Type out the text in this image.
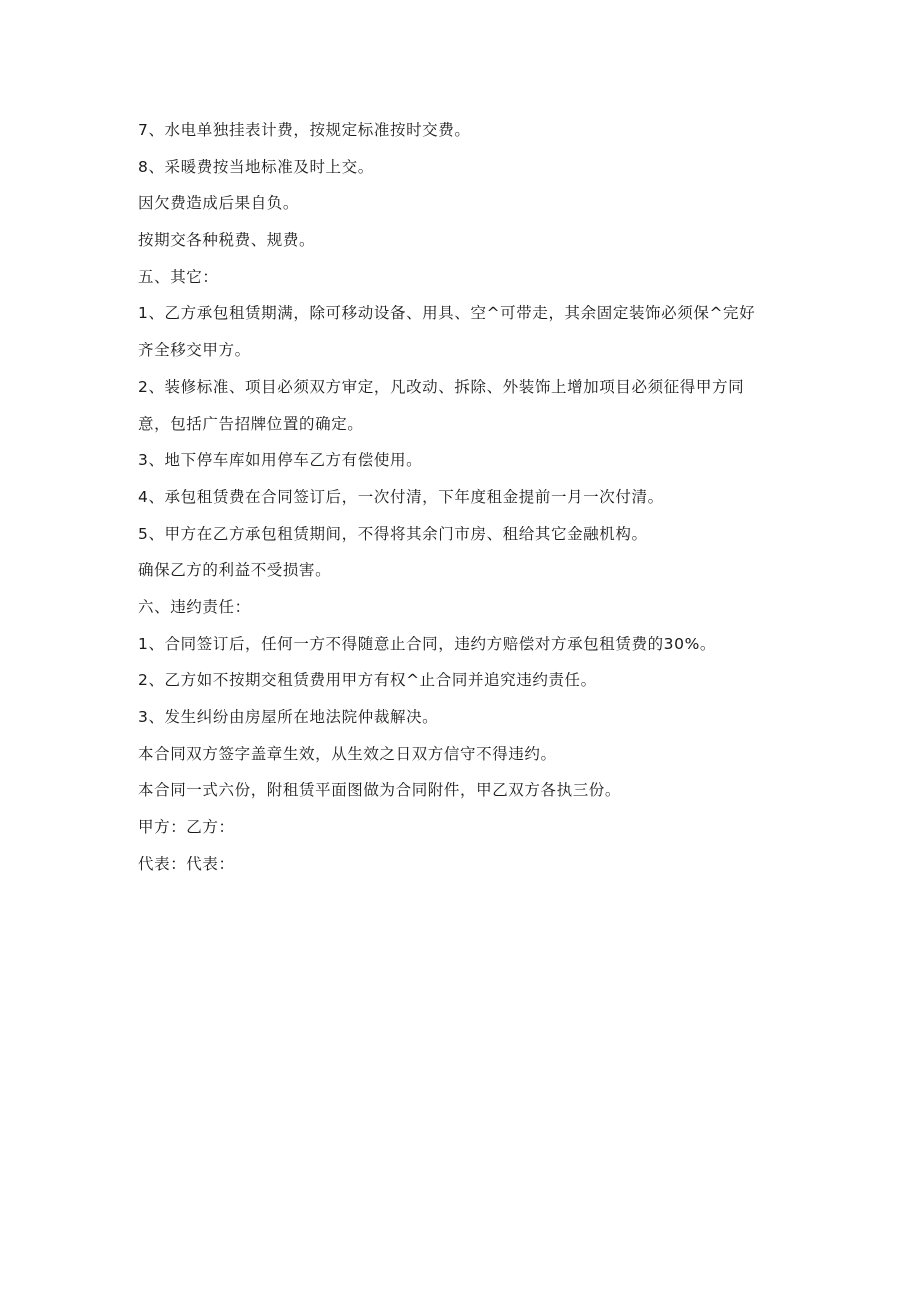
7、水电单独挂表计费，按规定标准按时交费。
8、采暖费按当地标准及时上交。
因欠费造成后果自负。
按期交各种税费、规费。
五、其它：
1、乙方承包租赁期满，除可移动设备、用具、空^可带走，其余固定装饰必须保^完好
齐全移交甲方。
2、装修标准、项目必须双方审定，凡改动、拆除、外装饰上增加项目必须征得甲方同
意，包括广告招牌位置的确定。
3、地下停车库如用停车乙方有偿使用。
4、承包租赁费在合同签订后，一次付清，下年度租金提前一月一次付清。
5、甲方在乙方承包租赁期间，不得将其余门市房、租给其它金融机构。
确保乙方的利益不受损害。
六、违约责任：
1、合同签订后，任何一方不得随意止合同，违约方赔偿对方承包租赁费的30%。
2、乙方如不按期交租赁费用甲方有权^止合同并追究违约责任。
3、发生纠纷由房屋所在地法院仲裁解决。
本合同双方签字盖章生效，从生效之日双方信守不得违约。
本合同一式六份，附租赁平面图做为合同附件，甲乙双方各执三份。
甲方：乙方：
代表：代表：
